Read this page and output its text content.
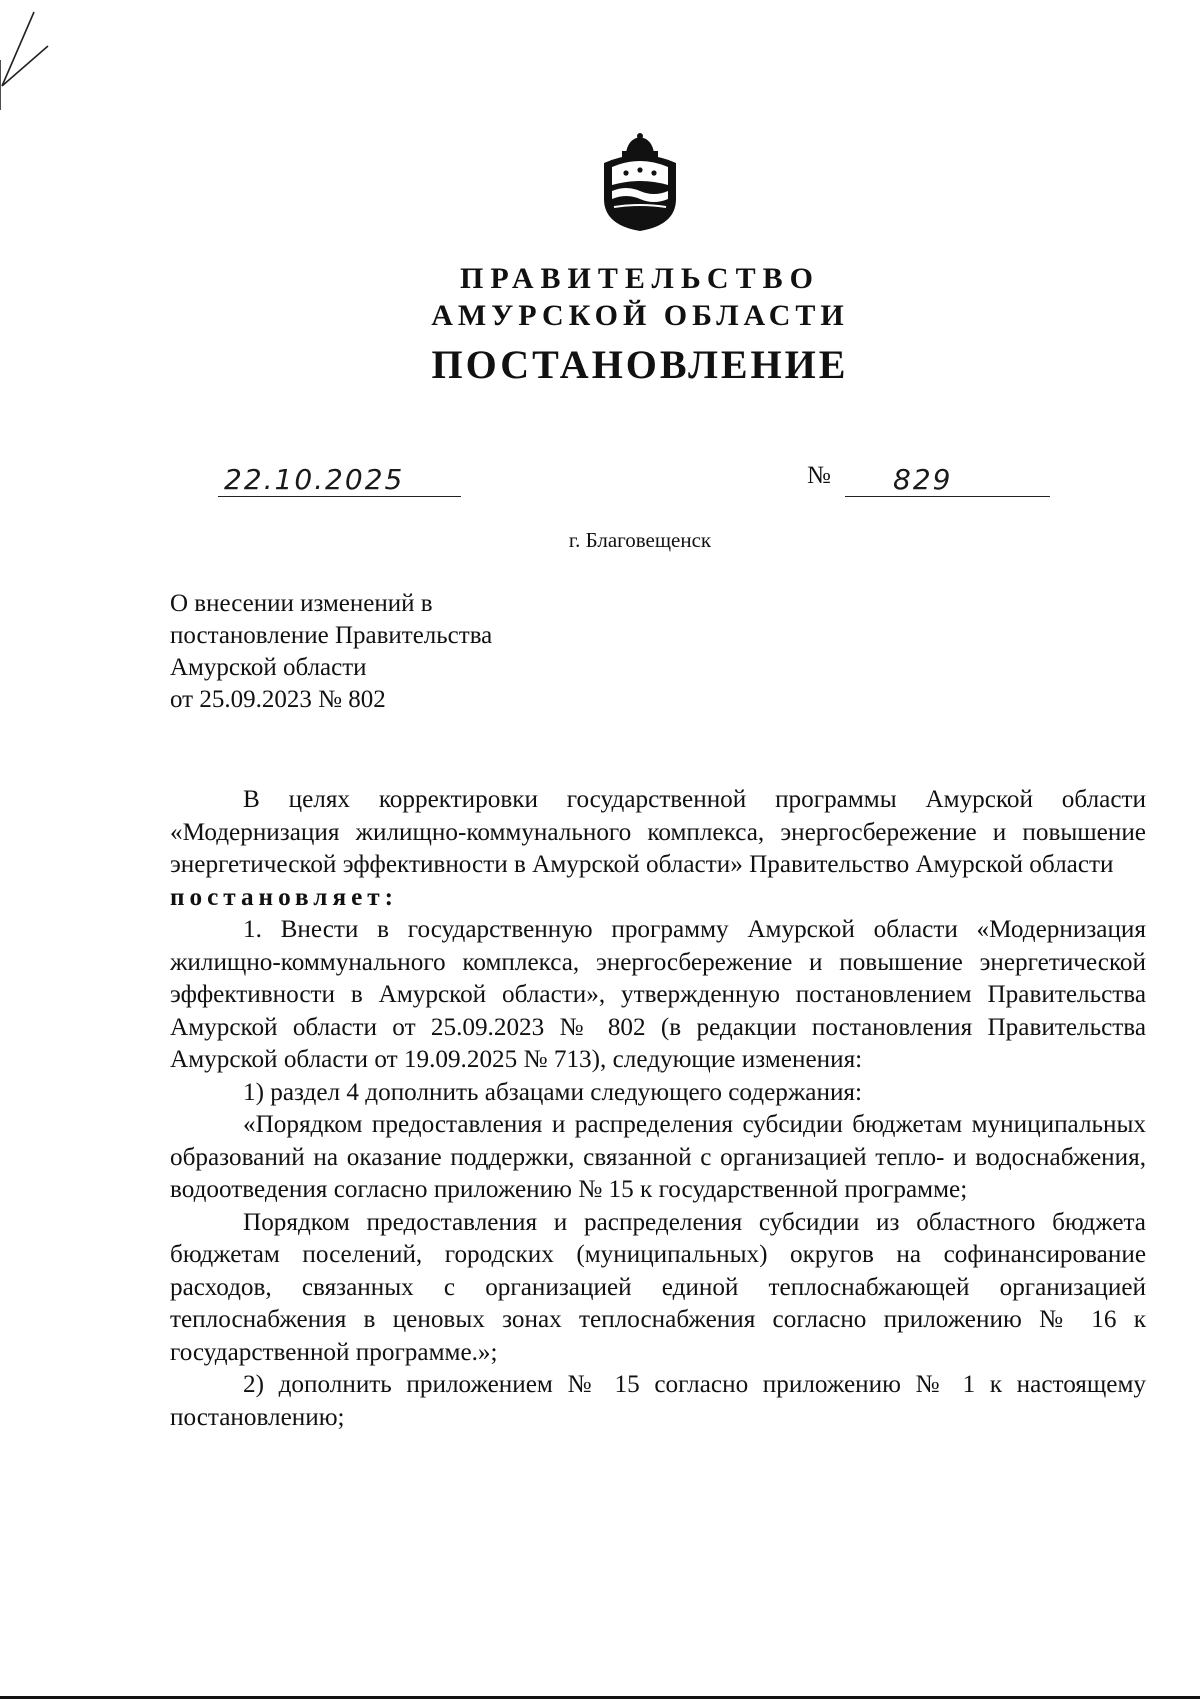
ПРАВИТЕЛЬСТВО
АМУРСКОЙ ОБЛАСТИ
ПОСТАНОВЛЕНИЕ
22.10.2025	№ 829
г. Благовещенск
О внесении изменений в
постановление Правительства
Амурской области
от 25.09.2023 № 802

В целях корректировки государственной программы Амурской области «Модернизация жилищно-коммунального комплекса, энергосбережение и повышение энергетической эффективности в Амурской области» Правительство Амурской области

постановляет:

1. Внести в государственную программу Амурской области «Модернизация жилищно-коммунального комплекса, энергосбережение и повышение энергетической эффективности в Амурской области», утвержденную постановлением Правительства Амурской области от 25.09.2023 № 802 (в редакции постановления Правительства Амурской области от 19.09.2025 № 713), следующие изменения:

1) раздел 4 дополнить абзацами следующего содержания:

«Порядком предоставления и распределения субсидии бюджетам муниципальных образований на оказание поддержки, связанной с организацией тепло- и водоснабжения, водоотведения согласно приложению № 15 к государственной программе;

Порядком предоставления и распределения субсидии из областного бюджета бюджетам поселений, городских (муниципальных) округов на софинансирование расходов, связанных с организацией единой теплоснабжающей организацией теплоснабжения в ценовых зонах теплоснабжения согласно приложению № 16 к государственной программе.»;

2) дополнить приложением № 15 согласно приложению № 1 к настоящему постановлению;
